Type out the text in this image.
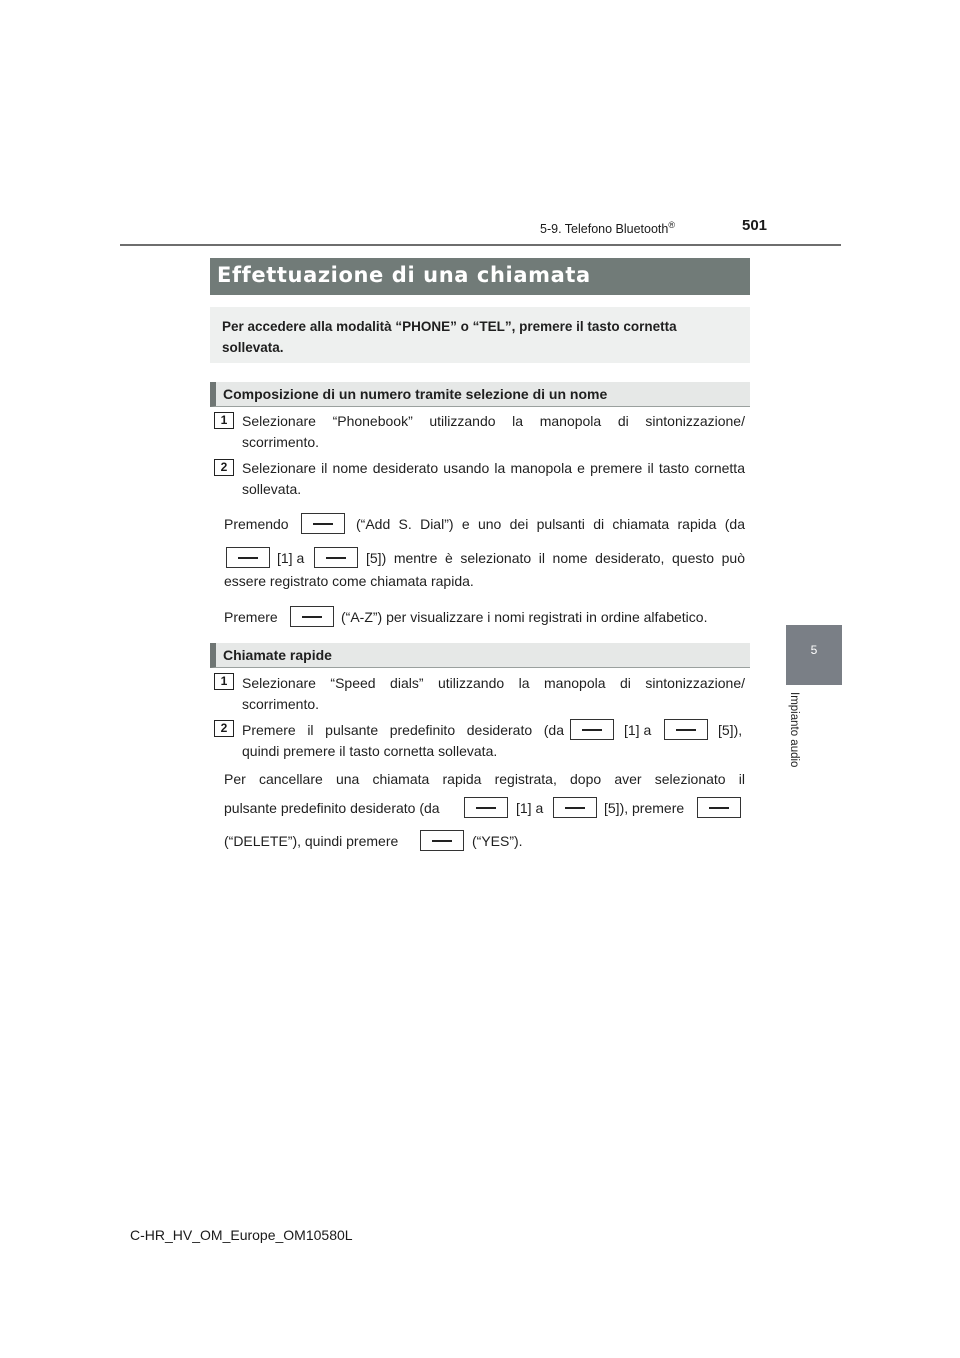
5-9. Telefono Bluetooth®	501
5
Impianto audio
Effettuazione di una chiamata
Per accedere alla modalità “PHONE” o “TEL”, premere il tasto cornetta sollevata.
Composizione di un numero tramite selezione di un nome
1	Selezionare “Phonebook” utilizzando la manopola di sintonizzazione/ scorrimento.
2	Selezionare il nome desiderato usando la manopola e premere il tasto cornetta sollevata.
Premendo	(“Add S. Dial”) e uno dei pulsanti di chiamata rapida (da
[1] a	[5]) mentre è selezionato il nome desiderato, questo può
essere registrato come chiamata rapida.
Premere	(“A-Z”) per visualizzare i nomi registrati in ordine alfabetico.
Chiamate rapide
1	Selezionare “Speed dials” utilizzando la manopola di sintonizzazione/ scorrimento.
2	Premere il pulsante predefinito desiderato (da	[1] a	[5]),
quindi premere il tasto cornetta sollevata.
Per cancellare una chiamata rapida registrata, dopo aver selezionato il
pulsante predefinito desiderato (da	[1] a	[5]), premere
(“DELETE”), quindi premere	(“YES”).
C-HR_HV_OM_Europe_OM10580L
